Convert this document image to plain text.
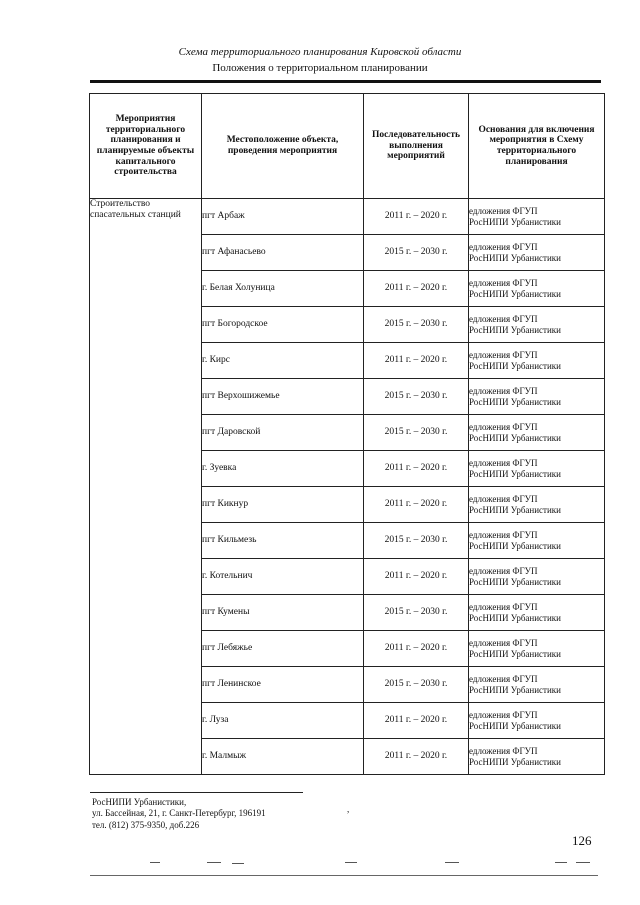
Схема территориального планирования Кировской области
Положения о территориальном планировании
Мероприятия территориального планирования и планируемые объекты капитального строительства	Местоположение объекта, проведения мероприятия	Последовательность выполнения мероприятий	Основания для включения мероприятия в Схему территориального планирования
Строительство спасательных станций	пгт Арбаж	2011 г. – 2020 г.	едложения ФГУП
РосНИПИ Урбанистики

	пгт Афанасьево	2015 г. – 2030 г.	едложения ФГУП
РосНИПИ Урбанистики

	г. Белая Холуница	2011 г. – 2020 г.	едложения ФГУП
РосНИПИ Урбанистики

	пгт Богородское	2015 г. – 2030 г.	едложения ФГУП
РосНИПИ Урбанистики

	г. Кирс	2011 г. – 2020 г.	едложения ФГУП
РосНИПИ Урбанистики

	пгт Верхошижемье	2015 г. – 2030 г.	едложения ФГУП
РосНИПИ Урбанистики

	пгт Даровской	2015 г. – 2030 г.	едложения ФГУП
РосНИПИ Урбанистики

	г. Зуевка	2011 г. – 2020 г.	едложения ФГУП
РосНИПИ Урбанистики

	пгт Кикнур	2011 г. – 2020 г.	едложения ФГУП
РосНИПИ Урбанистики

	пгт Кильмезь	2015 г. – 2030 г.	едложения ФГУП
РосНИПИ Урбанистики

	г. Котельнич	2011 г. – 2020 г.	едложения ФГУП
РосНИПИ Урбанистики

	пгт Кумены	2015 г. – 2030 г.	едложения ФГУП
РосНИПИ Урбанистики

	пгт Лебяжье	2011 г. – 2020 г.	едложения ФГУП
РосНИПИ Урбанистики

	пгт Ленинское	2015 г. – 2030 г.	едложения ФГУП
РосНИПИ Урбанистики

	г. Луза	2011 г. – 2020 г.	едложения ФГУП
РосНИПИ Урбанистики

	г. Малмыж	2011 г. – 2020 г.	едложения ФГУП
РосНИПИ Урбанистики
РосНИПИ Урбанистики,
ул. Бассейная, 21, г. Санкт-Петербург, 196191
тел. (812) 375-9350, доб.226
,
126
